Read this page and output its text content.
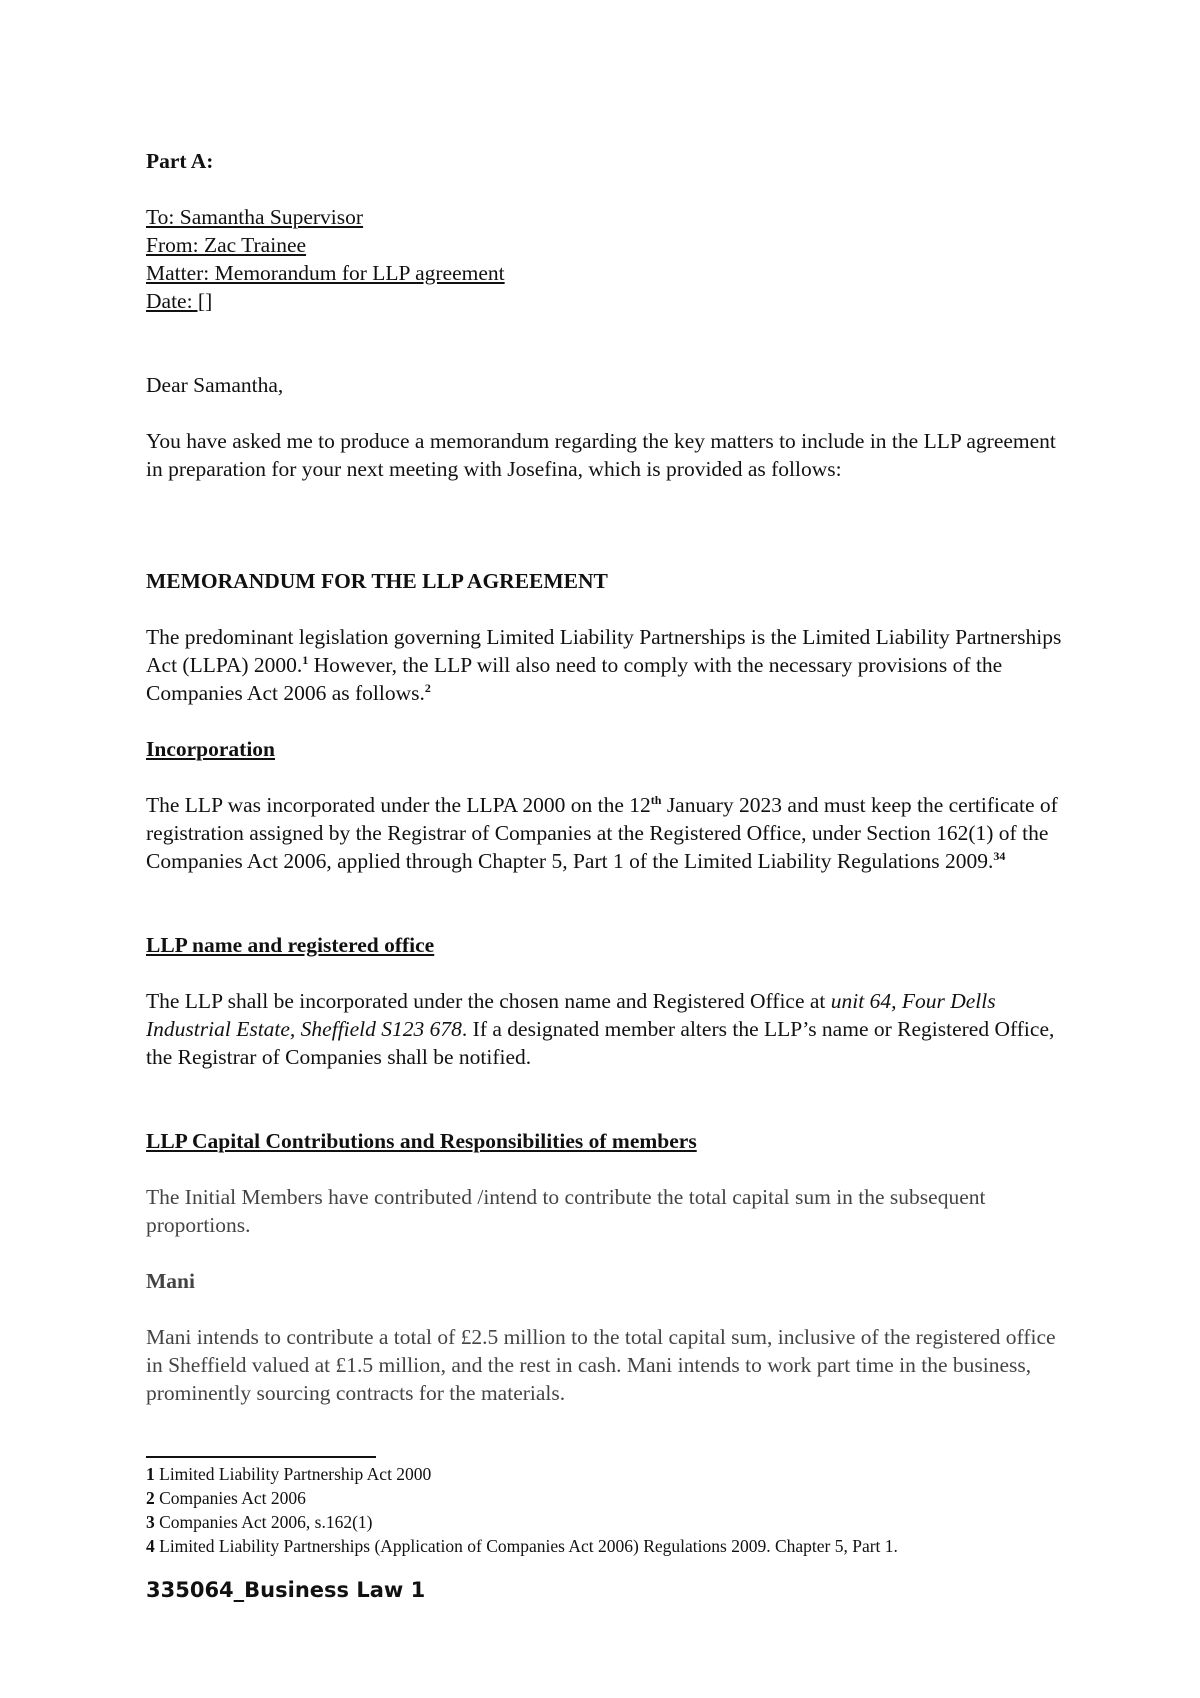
Part A:

To: Samantha Supervisor

From: Zac Trainee

Matter: Memorandum for LLP agreement

Date: []

Dear Samantha,

You have asked me to produce a memorandum regarding the key matters to include in the LLP agreement in preparation for your next meeting with Josefina, which is provided as follows:

MEMORANDUM FOR THE LLP AGREEMENT

The predominant legislation governing Limited Liability Partnerships is the Limited Liability Partnerships Act (LLPA) 2000.$^1$ However, the LLP will also need to comply with the necessary provisions of the Companies Act 2006 as follows.$^2$

Incorporation

The LLP was incorporated under the LLPA 2000 on the 12th January 2023 and must keep the certificate of registration assigned by the Registrar of Companies at the Registered Office, under Section 162(1) of the Companies Act 2006, applied through Chapter 5, Part 1 of the Limited Liability Regulations 2009.34

LLP name and registered office

The LLP shall be incorporated under the chosen name and Registered Office at unit 64, Four Dells Industrial Estate, Sheffield S123 678. If a designated member alters the LLP’s name or Registered Office, the Registrar of Companies shall be notified.

LLP Capital Contributions and Responsibilities of members

The Initial Members have contributed /intend to contribute the total capital sum in the subsequent proportions.

Mani

Mani intends to contribute a total of £2.5 million to the total capital sum, inclusive of the registered office in Sheffield valued at £1.5 million, and the rest in cash. Mani intends to work part time in the business, prominently sourcing contracts for the materials.

1 Limited Liability Partnership Act 2000
2 Companies Act 2006
3 Companies Act 2006, s.162(1)
4 Limited Liability Partnerships (Application of Companies Act 2006) Regulations 2009. Chapter 5, Part 1.
335064_Business Law 1
